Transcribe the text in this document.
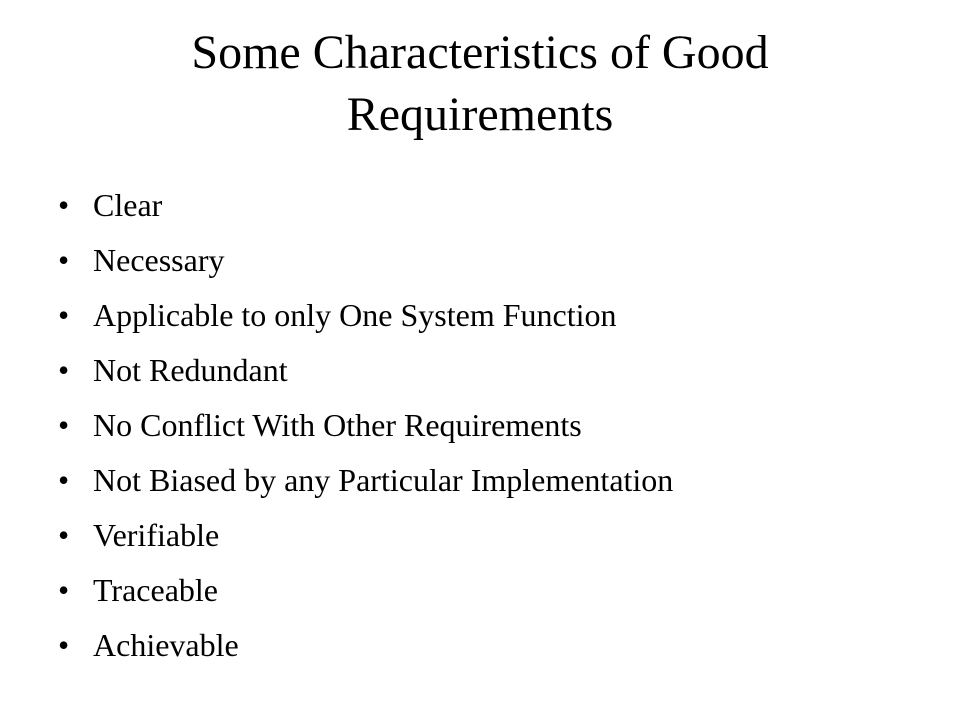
Some Characteristics of Good
Requirements
• Clear
• Necessary
• Applicable to only One System Function
• Not Redundant
• No Conflict With Other Requirements
• Not Biased by any Particular Implementation
• Verifiable
• Traceable
• Achievable
